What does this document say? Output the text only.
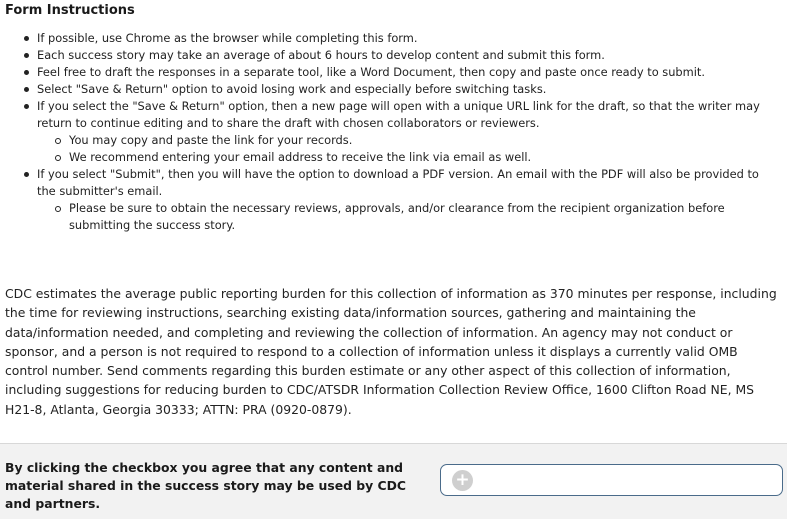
Form Instructions
If possible, use Chrome as the browser while completing this form.
Each success story may take an average of about 6 hours to develop content and submit this form.
Feel free to draft the responses in a separate tool, like a Word Document, then copy and paste once ready to submit.
Select "Save & Return" option to avoid losing work and especially before switching tasks.
If you select the "Save & Return" option, then a new page will open with a unique URL link for the draft, so that the writer may return to continue editing and to share the draft with chosen collaborators or reviewers.
You may copy and paste the link for your records.
We recommend entering your email address to receive the link via email as well.
If you select "Submit", then you will have the option to download a PDF version. An email with the PDF will also be provided to the submitter's email.
Please be sure to obtain the necessary reviews, approvals, and/or clearance from the recipient organization before submitting the success story.

CDC estimates the average public reporting burden for this collection of information as 370 minutes per response, including the time for reviewing instructions, searching existing data/information sources, gathering and maintaining the data/information needed, and completing and reviewing the collection of information. An agency may not conduct or sponsor, and a person is not required to respond to a collection of information unless it displays a currently valid OMB control number. Send comments regarding this burden estimate or any other aspect of this collection of information, including suggestions for reducing burden to CDC/ATSDR Information Collection Review Office, 1600 Clifton Road NE, MS H21-8, Atlanta, Georgia 30333; ATTN: PRA (0920-0879).

By clicking the checkbox you agree that any content and material shared in the success story may be used by CDC and partners.
+
